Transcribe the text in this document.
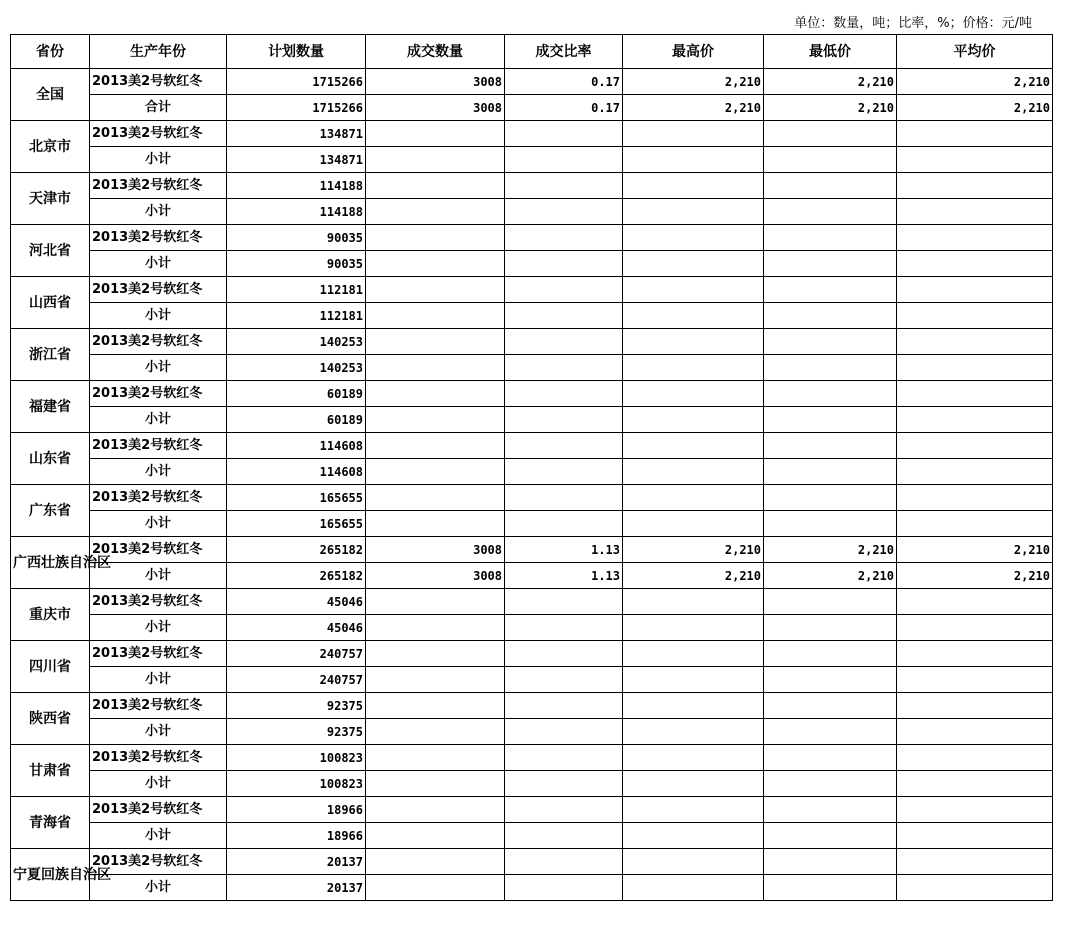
单位：数量，吨；比率，%；价格：元/吨
省份	生产年份	计划数量	成交数量	成交比率	最高价	最低价	平均价
全国	2013美2号软红冬	1715266	3008	0.17	2,210	2,210	2,210
	合计	1715266	3008	0.17	2,210	2,210	2,210
北京市	2013美2号软红冬	134871					
	小计	134871					
天津市	2013美2号软红冬	114188					
	小计	114188					
河北省	2013美2号软红冬	90035					
	小计	90035					
山西省	2013美2号软红冬	112181					
	小计	112181					
浙江省	2013美2号软红冬	140253					
	小计	140253					
福建省	2013美2号软红冬	60189					
	小计	60189					
山东省	2013美2号软红冬	114608					
	小计	114608					
广东省	2013美2号软红冬	165655					
	小计	165655					
广西壮族自治区	2013美2号软红冬	265182	3008	1.13	2,210	2,210	2,210
	小计	265182	3008	1.13	2,210	2,210	2,210
重庆市	2013美2号软红冬	45046					
	小计	45046					
四川省	2013美2号软红冬	240757					
	小计	240757					
陕西省	2013美2号软红冬	92375					
	小计	92375					
甘肃省	2013美2号软红冬	100823					
	小计	100823					
青海省	2013美2号软红冬	18966					
	小计	18966					
宁夏回族自治区	2013美2号软红冬	20137					
	小计	20137					
